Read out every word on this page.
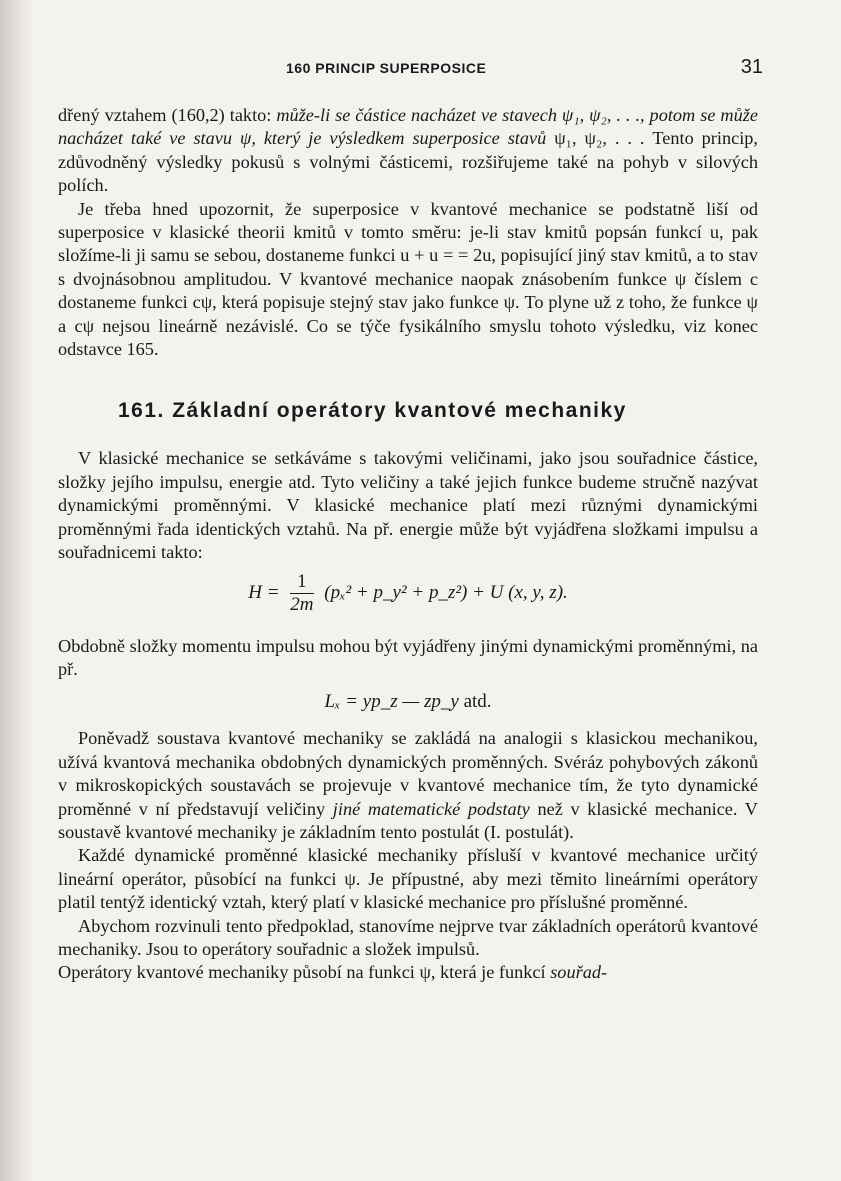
160 PRINCIP SUPERPOSICE	31

dřený vztahem (160,2) takto: může-li se částice nacházet ve stavech ψ₁, ψ₂, . . ., potom se může nacházet také ve stavu ψ, který je výsledkem superposice stavů ψ₁, ψ₂, . . . Tento princip, zdůvodněný výsledky pokusů s volnými částicemi, rozšiřujeme také na pohyb v silových polích.

Je třeba hned upozornit, že superposice v kvantové mechanice se podstatně liší od superposice v klasické theorii kmitů v tomto směru: je-li stav kmitů popsán funkcí u, pak složíme-li ji samu se sebou, dostaneme funkci u + u = = 2u, popisující jiný stav kmitů, a to stav s dvojnásobnou amplitudou. V kvantové mechanice naopak znásobením funkce ψ číslem c dostaneme funkci cψ, která popisuje stejný stav jako funkce ψ. To plyne už z toho, že funkce ψ a cψ nejsou lineárně nezávislé. Co se týče fysikálního smyslu tohoto výsledku, viz konec odstavce 165.

161. Základní operátory kvantové mechaniky

V klasické mechanice se setkáváme s takovými veličinami, jako jsou souřadnice částice, složky jejího impulsu, energie atd. Tyto veličiny a také jejich funkce budeme stručně nazývat dynamickými proměnnými. V klasické mechanice platí mezi různými dynamickými proměnnými řada identických vztahů. Na př. energie může být vyjádřena složkami impulsu a souřadnicemi takto:

$H = \frac{1}{2m} (p_x^2$ + p_y² + p_z²) + U (x, y, z).

Obdobně složky momentu impulsu mohou být vyjádřeny jinými dynamickými proměnnými, na př.

Lₓ = yp_z — zp_y atd.

Poněvadž soustava kvantové mechaniky se zakládá na analogii s klasickou mechanikou, užívá kvantová mechanika obdobných dynamických proměnných. Svéráz pohybových zákonů v mikroskopických soustavách se projevuje v kvantové mechanice tím, že tyto dynamické proměnné v ní představují veličiny jiné matematické podstaty než v klasické mechanice. V soustavě kvantové mechaniky je základním tento postulát (I. postulát).

Každé dynamické proměnné klasické mechaniky přísluší v kvantové mechanice určitý lineární operátor, působící na funkci ψ. Je přípustné, aby mezi těmito lineárními operátory platil tentýž identický vztah, který platí v klasické mechanice pro příslušné proměnné.

Abychom rozvinuli tento předpoklad, stanovíme nejprve tvar základních operátorů kvantové mechaniky. Jsou to operátory souřadnic a složek impulsů.

Operátory kvantové mechaniky působí na funkci ψ, která je funkcí souřad-
